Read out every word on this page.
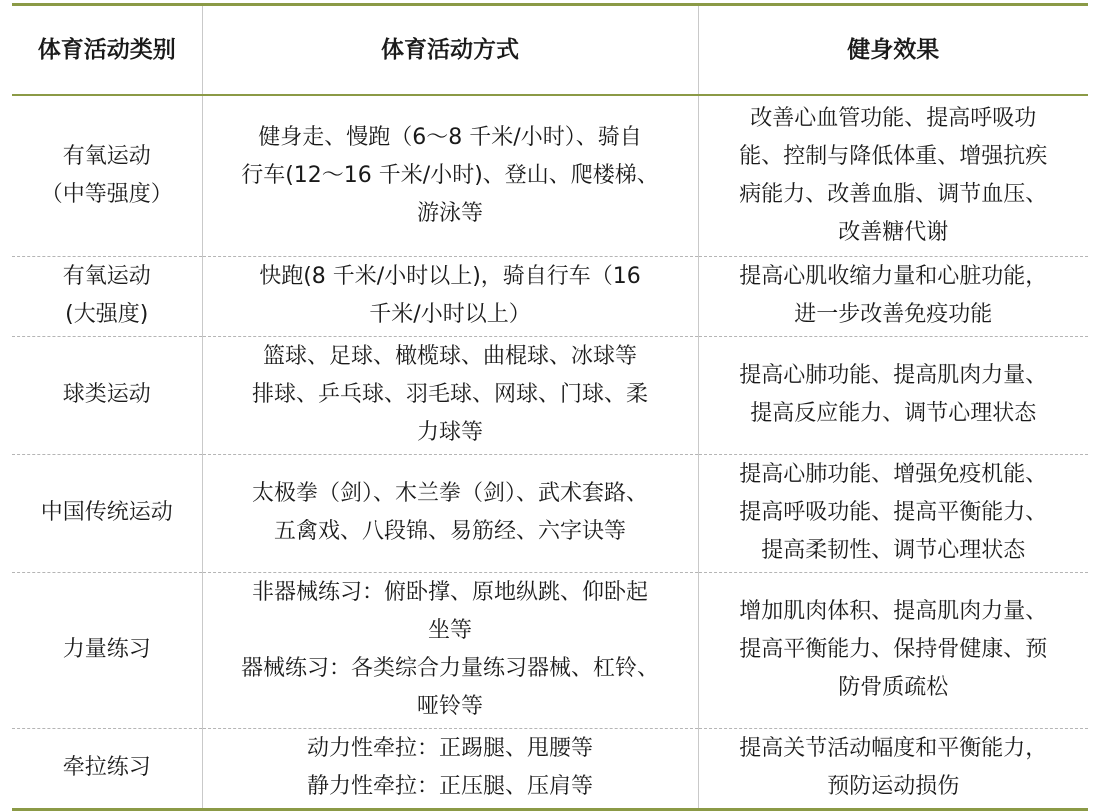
体育活动类别	体育活动方式	健身效果

有氧运动
（中等强度）	健身走、慢跑（6～8 千米/小时）、骑自
行车(12～16 千米/小时)、登山、爬楼梯、
游泳等	改善心血管功能、提高呼吸功
能、控制与降低体重、增强抗疾
病能力、改善血脂、调节血压、
改善糖代谢

有氧运动
(大强度)	快跑(8 千米/小时以上)，骑自行车（16
千米/小时以上）	提高心肌收缩力量和心脏功能，
进一步改善免疫功能

球类运动	篮球、足球、橄榄球、曲棍球、冰球等
排球、乒乓球、羽毛球、网球、门球、柔
力球等	提高心肺功能、提高肌肉力量、
提高反应能力、调节心理状态

中国传统运动	太极拳（剑）、木兰拳（剑）、武术套路、
五禽戏、八段锦、易筋经、六字诀等	提高心肺功能、增强免疫机能、
提高呼吸功能、提高平衡能力、
提高柔韧性、调节心理状态

力量练习	非器械练习：俯卧撑、原地纵跳、仰卧起
坐等
器械练习：各类综合力量练习器械、杠铃、
哑铃等	增加肌肉体积、提高肌肉力量、
提高平衡能力、保持骨健康、预
防骨质疏松

牵拉练习	动力性牵拉：正踢腿、甩腰等
静力性牵拉：正压腿、压肩等	提高关节活动幅度和平衡能力，
预防运动损伤
